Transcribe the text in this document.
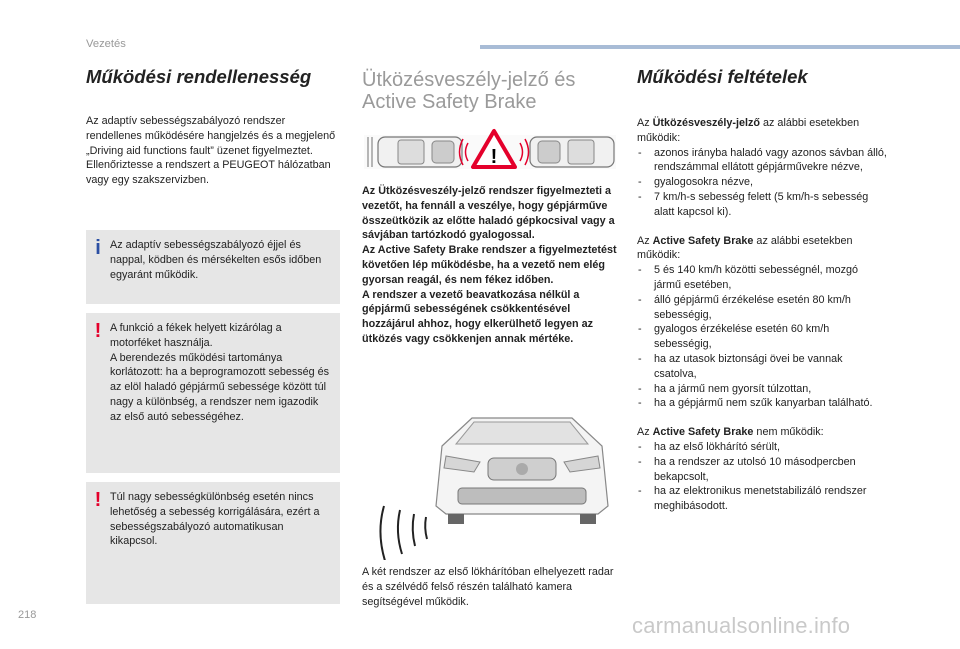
Vezetés
Működési rendellenesség
Az adaptív sebességszabályozó rendszer rendellenes működésére hangjelzés és a megjelenő „Driving aid functions fault” üzenet figyelmeztet.
Ellenőriztesse a rendszert a PEUGEOT hálózatban vagy egy szakszervizben.
i Az adaptív sebességszabályozó éjjel és nappal, ködben és mérsékelten esős időben egyaránt működik.
! A funkció a fékek helyett kizárólag a motorféket használja.
A berendezés működési tartománya korlátozott: ha a beprogramozott sebesség és az elöl haladó gépjármű sebessége között túl nagy a különbség, a rendszer nem igazodik az első autó sebességéhez.
! Túl nagy sebességkülönbség esetén nincs lehetőség a sebesség korrigálására, ezért a sebességszabályozó automatikusan kikapcsol.
Ütközésveszély-jelző és
Active Safety Brake
!
Az Ütközésveszély-jelző rendszer figyelmezteti a vezetőt, ha fennáll a veszélye, hogy gépjárműve összeütközik az előtte haladó gépkocsival vagy a sávjában tartózkodó gyalogossal.
Az Active Safety Brake rendszer a figyelmeztetést követően lép működésbe, ha a vezető nem elég gyorsan reagál, és nem fékez időben.
A rendszer a vezető beavatkozása nélkül a gépjármű sebességének csökkentésével hozzájárul ahhoz, hogy elkerülhető legyen az ütközés vagy csökkenjen annak mértéke.
A két rendszer az első lökhárítóban elhelyezett radar és a szélvédő felső részén található kamera segítségével működik.
Működési feltételek
Az Ütközésveszély-jelző az alábbi esetekben működik:
- azonos irányba haladó vagy azonos sávban álló, rendszámmal ellátott gépjárművekre nézve,
- gyalogosokra nézve,
- 7 km/h-s sebesség felett (5 km/h-s sebesség alatt kapcsol ki).
Az Active Safety Brake az alábbi esetekben működik:
- 5 és 140 km/h közötti sebességnél, mozgó jármű esetében,
- álló gépjármű érzékelése esetén 80 km/h sebességig,
- gyalogos érzékelése esetén 60 km/h sebességig,
- ha az utasok biztonsági övei be vannak csatolva,
- ha a jármű nem gyorsít túlzottan,
- ha a gépjármű nem szűk kanyarban található.
Az Active Safety Brake nem működik:
- ha az első lökhárító sérült,
- ha a rendszer az utolsó 10 másodpercben bekapcsolt,
- ha az elektronikus menetstabilizáló rendszer meghibásodott.
218	carmanualsonline.info
